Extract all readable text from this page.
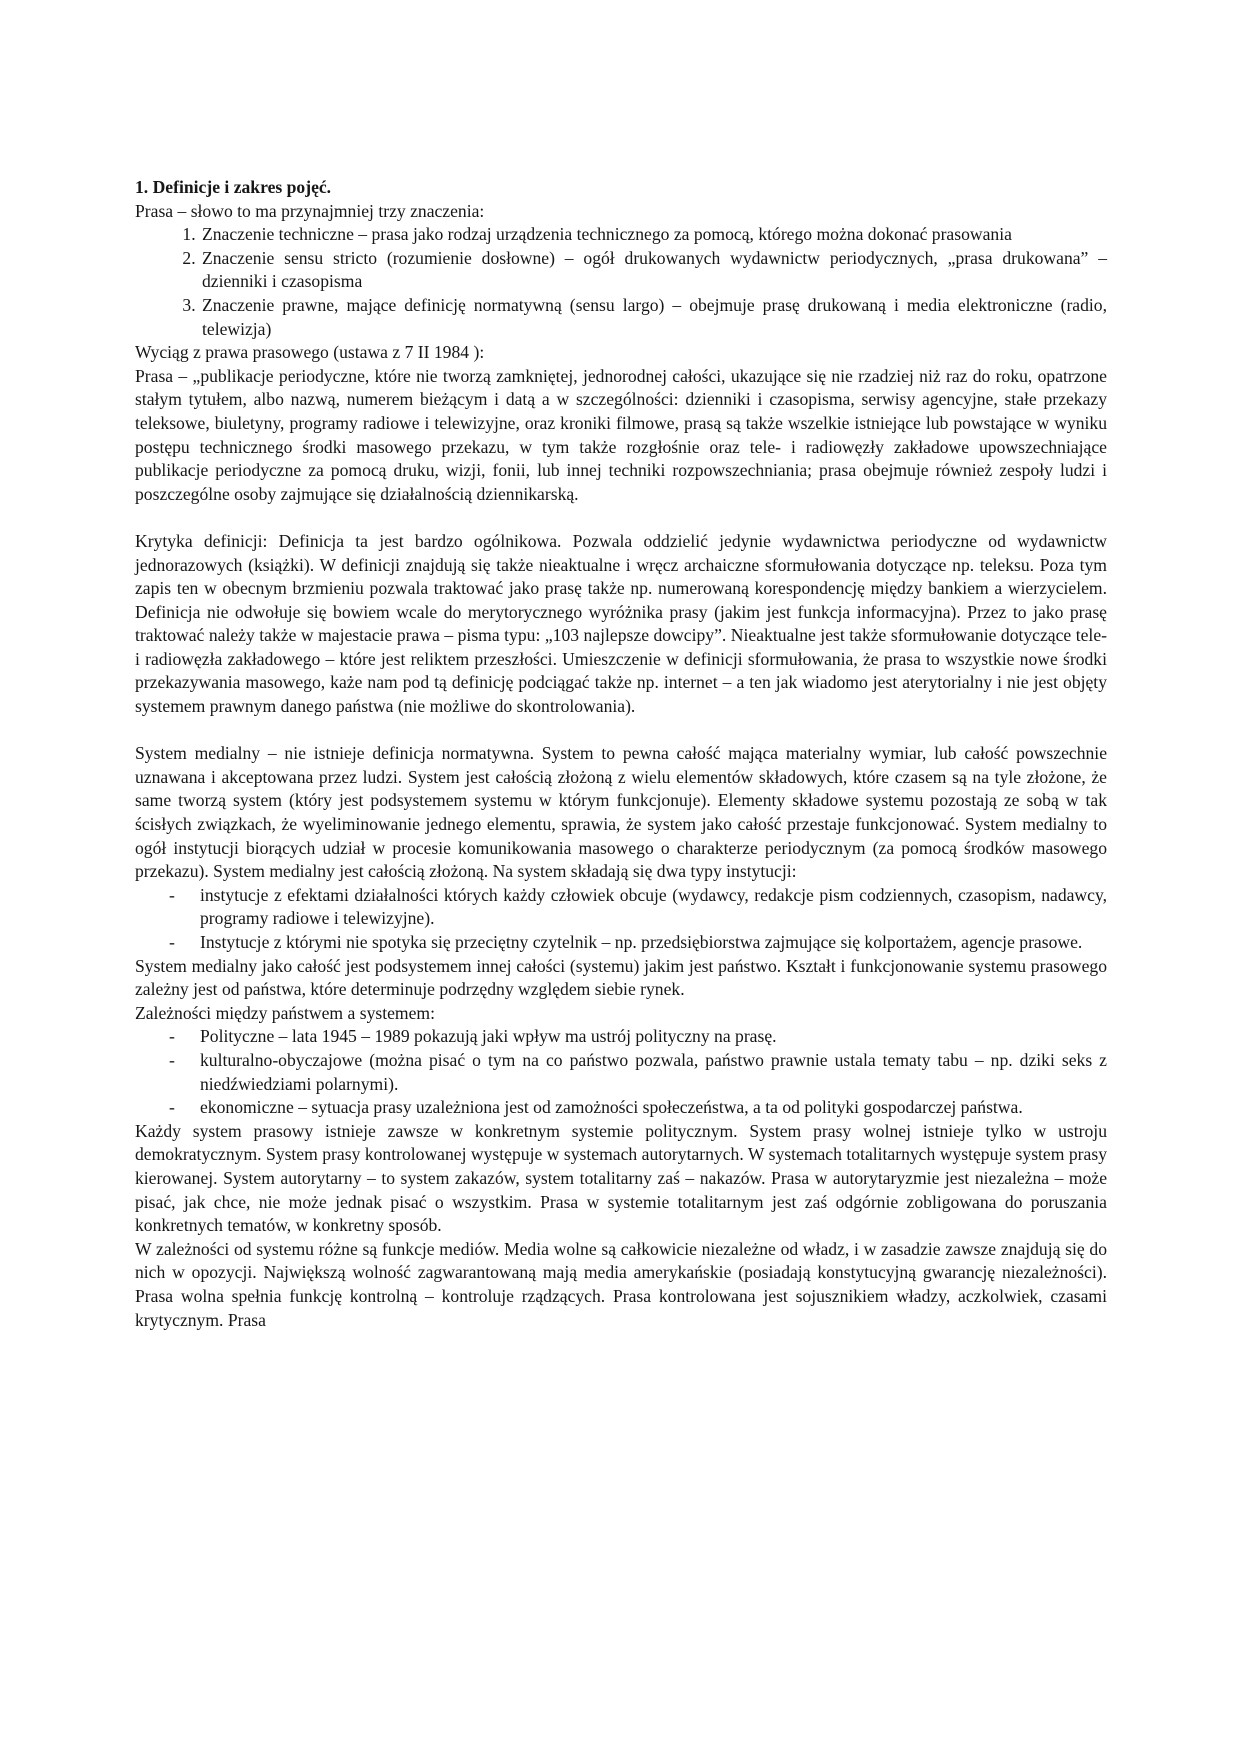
1. Definicje i zakres pojęć.

Prasa – słowo to ma przynajmniej trzy znaczenia:

1. Znaczenie techniczne – prasa jako rodzaj urządzenia technicznego za pomocą, którego można dokonać prasowania
2. Znaczenie sensu stricto (rozumienie dosłowne) – ogół drukowanych wydawnictw periodycznych, „prasa drukowana” – dzienniki i czasopisma
3. Znaczenie prawne, mające definicję normatywną (sensu largo) – obejmuje prasę drukowaną i media elektroniczne (radio, telewizja)

Wyciąg z prawa prasowego (ustawa z 7 II 1984 ):

Prasa – „publikacje periodyczne, które nie tworzą zamkniętej, jednorodnej całości, ukazujące się nie rzadziej niż raz do roku, opatrzone stałym tytułem, albo nazwą, numerem bieżącym i datą a w szczególności: dzienniki i czasopisma, serwisy agencyjne, stałe przekazy teleksowe, biuletyny, programy radiowe i telewizyjne, oraz kroniki filmowe, prasą są także wszelkie istniejące lub powstające w wyniku postępu technicznego środki masowego przekazu, w tym także rozgłośnie oraz tele- i radiowęzły zakładowe upowszechniające publikacje periodyczne za pomocą druku, wizji, fonii, lub innej techniki rozpowszechniania; prasa obejmuje również zespoły ludzi i poszczególne osoby zajmujące się działalnością dziennikarską.

Krytyka definicji: Definicja ta jest bardzo ogólnikowa. Pozwala oddzielić jedynie wydawnictwa periodyczne od wydawnictw jednorazowych (książki). W definicji znajdują się także nieaktualne i wręcz archaiczne sformułowania dotyczące np. teleksu. Poza tym zapis ten w obecnym brzmieniu pozwala traktować jako prasę także np. numerowaną korespondencję między bankiem a wierzycielem. Definicja nie odwołuje się bowiem wcale do merytorycznego wyróżnika prasy (jakim jest funkcja informacyjna). Przez to jako prasę traktować należy także w majestacie prawa – pisma typu: „103 najlepsze dowcipy”. Nieaktualne jest także sformułowanie dotyczące tele- i radiowęzła zakładowego – które jest reliktem przeszłości. Umieszczenie w definicji sformułowania, że prasa to wszystkie nowe środki przekazywania masowego, każe nam pod tą definicję podciągać także np. internet – a ten jak wiadomo jest aterytorialny i nie jest objęty systemem prawnym danego państwa (nie możliwe do skontrolowania).

System medialny – nie istnieje definicja normatywna. System to pewna całość mająca materialny wymiar, lub całość powszechnie uznawana i akceptowana przez ludzi. System jest całością złożoną z wielu elementów składowych, które czasem są na tyle złożone, że same tworzą system (który jest podsystemem systemu w którym funkcjonuje). Elementy składowe systemu pozostają ze sobą w tak ścisłych związkach, że wyeliminowanie jednego elementu, sprawia, że system jako całość przestaje funkcjonować. System medialny to ogół instytucji biorących udział w procesie komunikowania masowego o charakterze periodycznym (za pomocą środków masowego przekazu). System medialny jest całością złożoną. Na system składają się dwa typy instytucji:

- instytucje z efektami działalności których każdy człowiek obcuje (wydawcy, redakcje pism codziennych, czasopism, nadawcy, programy radiowe i telewizyjne).
- Instytucje z którymi nie spotyka się przeciętny czytelnik – np. przedsiębiorstwa zajmujące się kolportażem, agencje prasowe.

System medialny jako całość jest podsystemem innej całości (systemu) jakim jest państwo. Kształt i funkcjonowanie systemu prasowego zależny jest od państwa, które determinuje podrzędny względem siebie rynek.

Zależności między państwem a systemem:

- Polityczne – lata 1945 – 1989 pokazują jaki wpływ ma ustrój polityczny na prasę.
- kulturalno-obyczajowe (można pisać o tym na co państwo pozwala, państwo prawnie ustala tematy tabu – np. dziki seks z niedźwiedziami polarnymi).
- ekonomiczne – sytuacja prasy uzależniona jest od zamożności społeczeństwa, a ta od polityki gospodarczej państwa.

Każdy system prasowy istnieje zawsze w konkretnym systemie politycznym. System prasy wolnej istnieje tylko w ustroju demokratycznym. System prasy kontrolowanej występuje w systemach autorytarnych. W systemach totalitarnych występuje system prasy kierowanej. System autorytarny – to system zakazów, system totalitarny zaś – nakazów. Prasa w autorytaryzmie jest niezależna – może pisać, jak chce, nie może jednak pisać o wszystkim. Prasa w systemie totalitarnym jest zaś odgórnie zobligowana do poruszania konkretnych tematów, w konkretny sposób.

W zależności od systemu różne są funkcje mediów. Media wolne są całkowicie niezależne od władz, i w zasadzie zawsze znajdują się do nich w opozycji. Największą wolność zagwarantowaną mają media amerykańskie (posiadają konstytucyjną gwarancję niezależności). Prasa wolna spełnia funkcję kontrolną – kontroluje rządzących. Prasa kontrolowana jest sojusznikiem władzy, aczkolwiek, czasami krytycznym. Prasa
